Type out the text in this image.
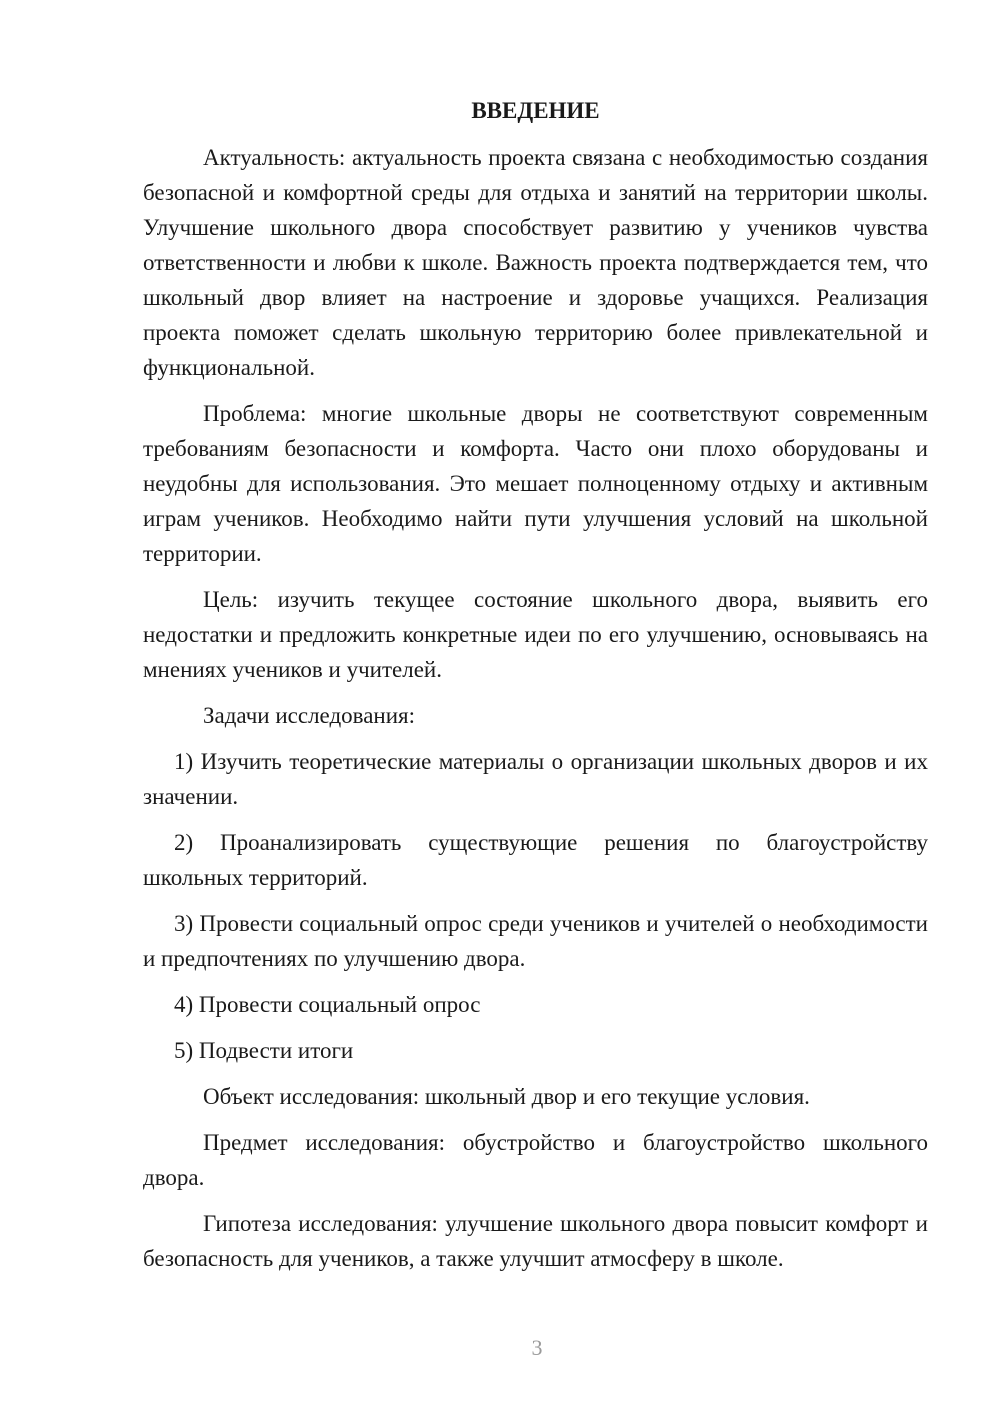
ВВЕДЕНИЕ

Актуальность: актуальность проекта связана с необходимостью создания безопасной и комфортной среды для отдыха и занятий на территории школы. Улучшение школьного двора способствует развитию у учеников чувства ответственности и любви к школе. Важность проекта подтверждается тем, что школьный двор влияет на настроение и здоровье учащихся. Реализация проекта поможет сделать школьную территорию более привлекательной и функциональной.

Проблема: многие школьные дворы не соответствуют современным требованиям безопасности и комфорта. Часто они плохо оборудованы и неудобны для использования. Это мешает полноценному отдыху и активным играм учеников. Необходимо найти пути улучшения условий на школьной территории.

Цель: изучить текущее состояние школьного двора, выявить его недостатки и предложить конкретные идеи по его улучшению, основываясь на мнениях учеников и учителей.

Задачи исследования:

1) Изучить теоретические материалы о организации школьных дворов и их значении.

2) Проанализировать существующие решения по благоустройству школьных территорий.

3) Провести социальный опрос среди учеников и учителей о необходимости и предпочтениях по улучшению двора.

4) Провести социальный опрос

5) Подвести итоги

Объект исследования: школьный двор и его текущие условия.

Предмет исследования: обустройство и благоустройство школьного двора.

Гипотеза исследования: улучшение школьного двора повысит комфорт и безопасность для учеников, а также улучшит атмосферу в школе.

3
